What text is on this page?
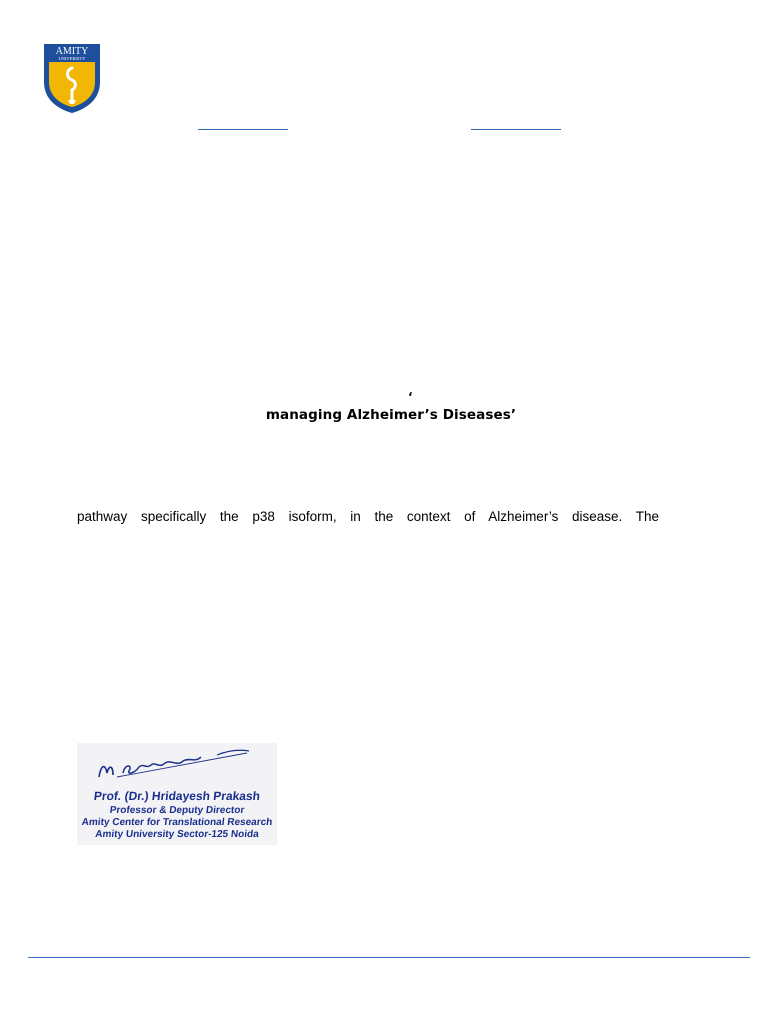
AMITY
UNIVERSITY
‘
managing Alzheimer’s Diseases’
pathway specifically the p38 isoform, in the context of Alzheimer’s disease. The
Prof. (Dr.) Hridayesh Prakash
Professor & Deputy Director
Amity Center for Translational Research
Amity University Sector-125 Noida
